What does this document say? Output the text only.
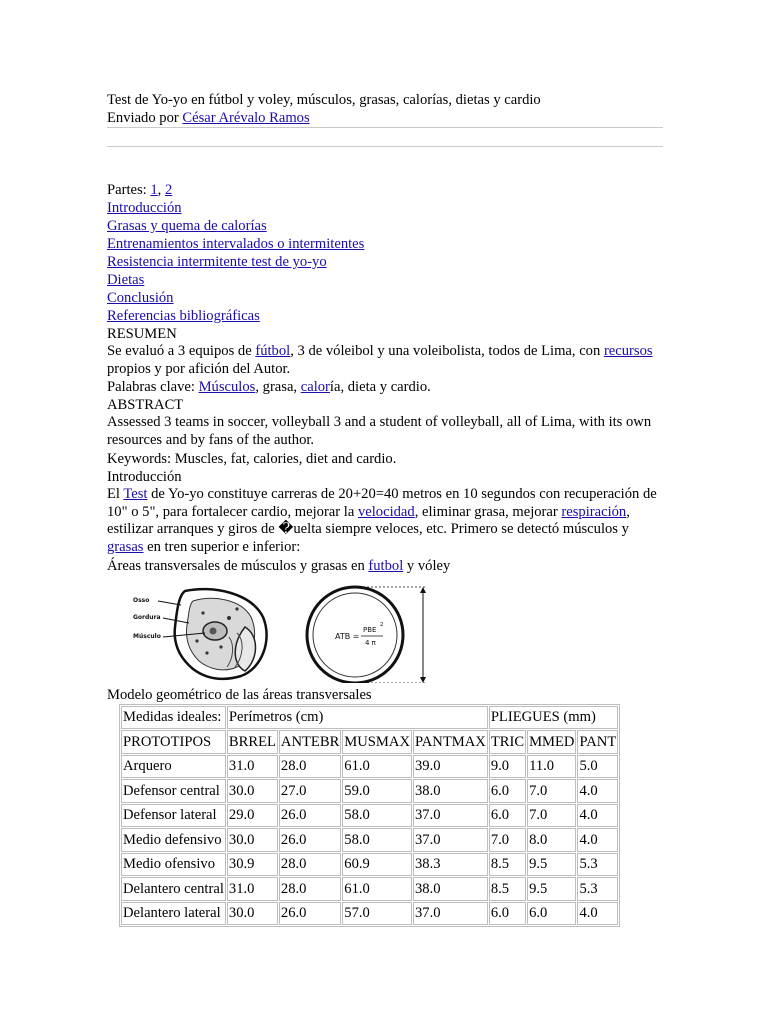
Test de Yo-yo en fútbol y voley, músculos, grasas, calorías, dietas y cardio
Enviado por César Arévalo Ramos
Partes: 1, 2
Introducción
Grasas y quema de calorías
Entrenamientos intervalados o intermitentes
Resistencia intermitente test de yo-yo
Dietas
Conclusión
Referencias bibliográficas
RESUMEN
Se evaluó a 3 equipos de fútbol, 3 de vóleibol y una voleibolista, todos de Lima, con recursos propios y por afición del Autor.
Palabras clave: Músculos, grasa, caloría, dieta y cardio.
ABSTRACT
Assessed 3 teams in soccer, volleyball 3 and a student of volleyball, all of Lima, with its own resources and by fans of the author.
Keywords: Muscles, fat, calories, diet and cardio.
Introducción
El Test de Yo-yo constituye carreras de 20+20=40 metros en 10 segundos con recuperación de 10" o 5", para fortalecer cardio, mejorar la velocidad, eliminar grasa, mejorar respiración, estilizar arranques y giros de �uelta siempre veloces, etc. Primero se detectó músculos y grasas en tren superior e inferior:
Áreas transversales de músculos y grasas en futbol y vóley
Osso
Gordura
Músculo	ATB =
PBE
2
4 π
Modelo geométrico de las áreas transversales
Medidas ideales:	Perímetros (cm)				PLIEGUES (mm)		
PROTOTIPOS	BRREL	ANTEBR	MUSMAX	PANTMAX	TRIC	MMED	PANT
Arquero	31.0	28.0	61.0	39.0	9.0	11.0	5.0
Defensor central	30.0	27.0	59.0	38.0	6.0	7.0	4.0
Defensor lateral	29.0	26.0	58.0	37.0	6.0	7.0	4.0
Medio defensivo	30.0	26.0	58.0	37.0	7.0	8.0	4.0
Medio ofensivo	30.9	28.0	60.9	38.3	8.5	9.5	5.3
Delantero central	31.0	28.0	61.0	38.0	8.5	9.5	5.3
Delantero lateral	30.0	26.0	57.0	37.0	6.0	6.0	4.0
